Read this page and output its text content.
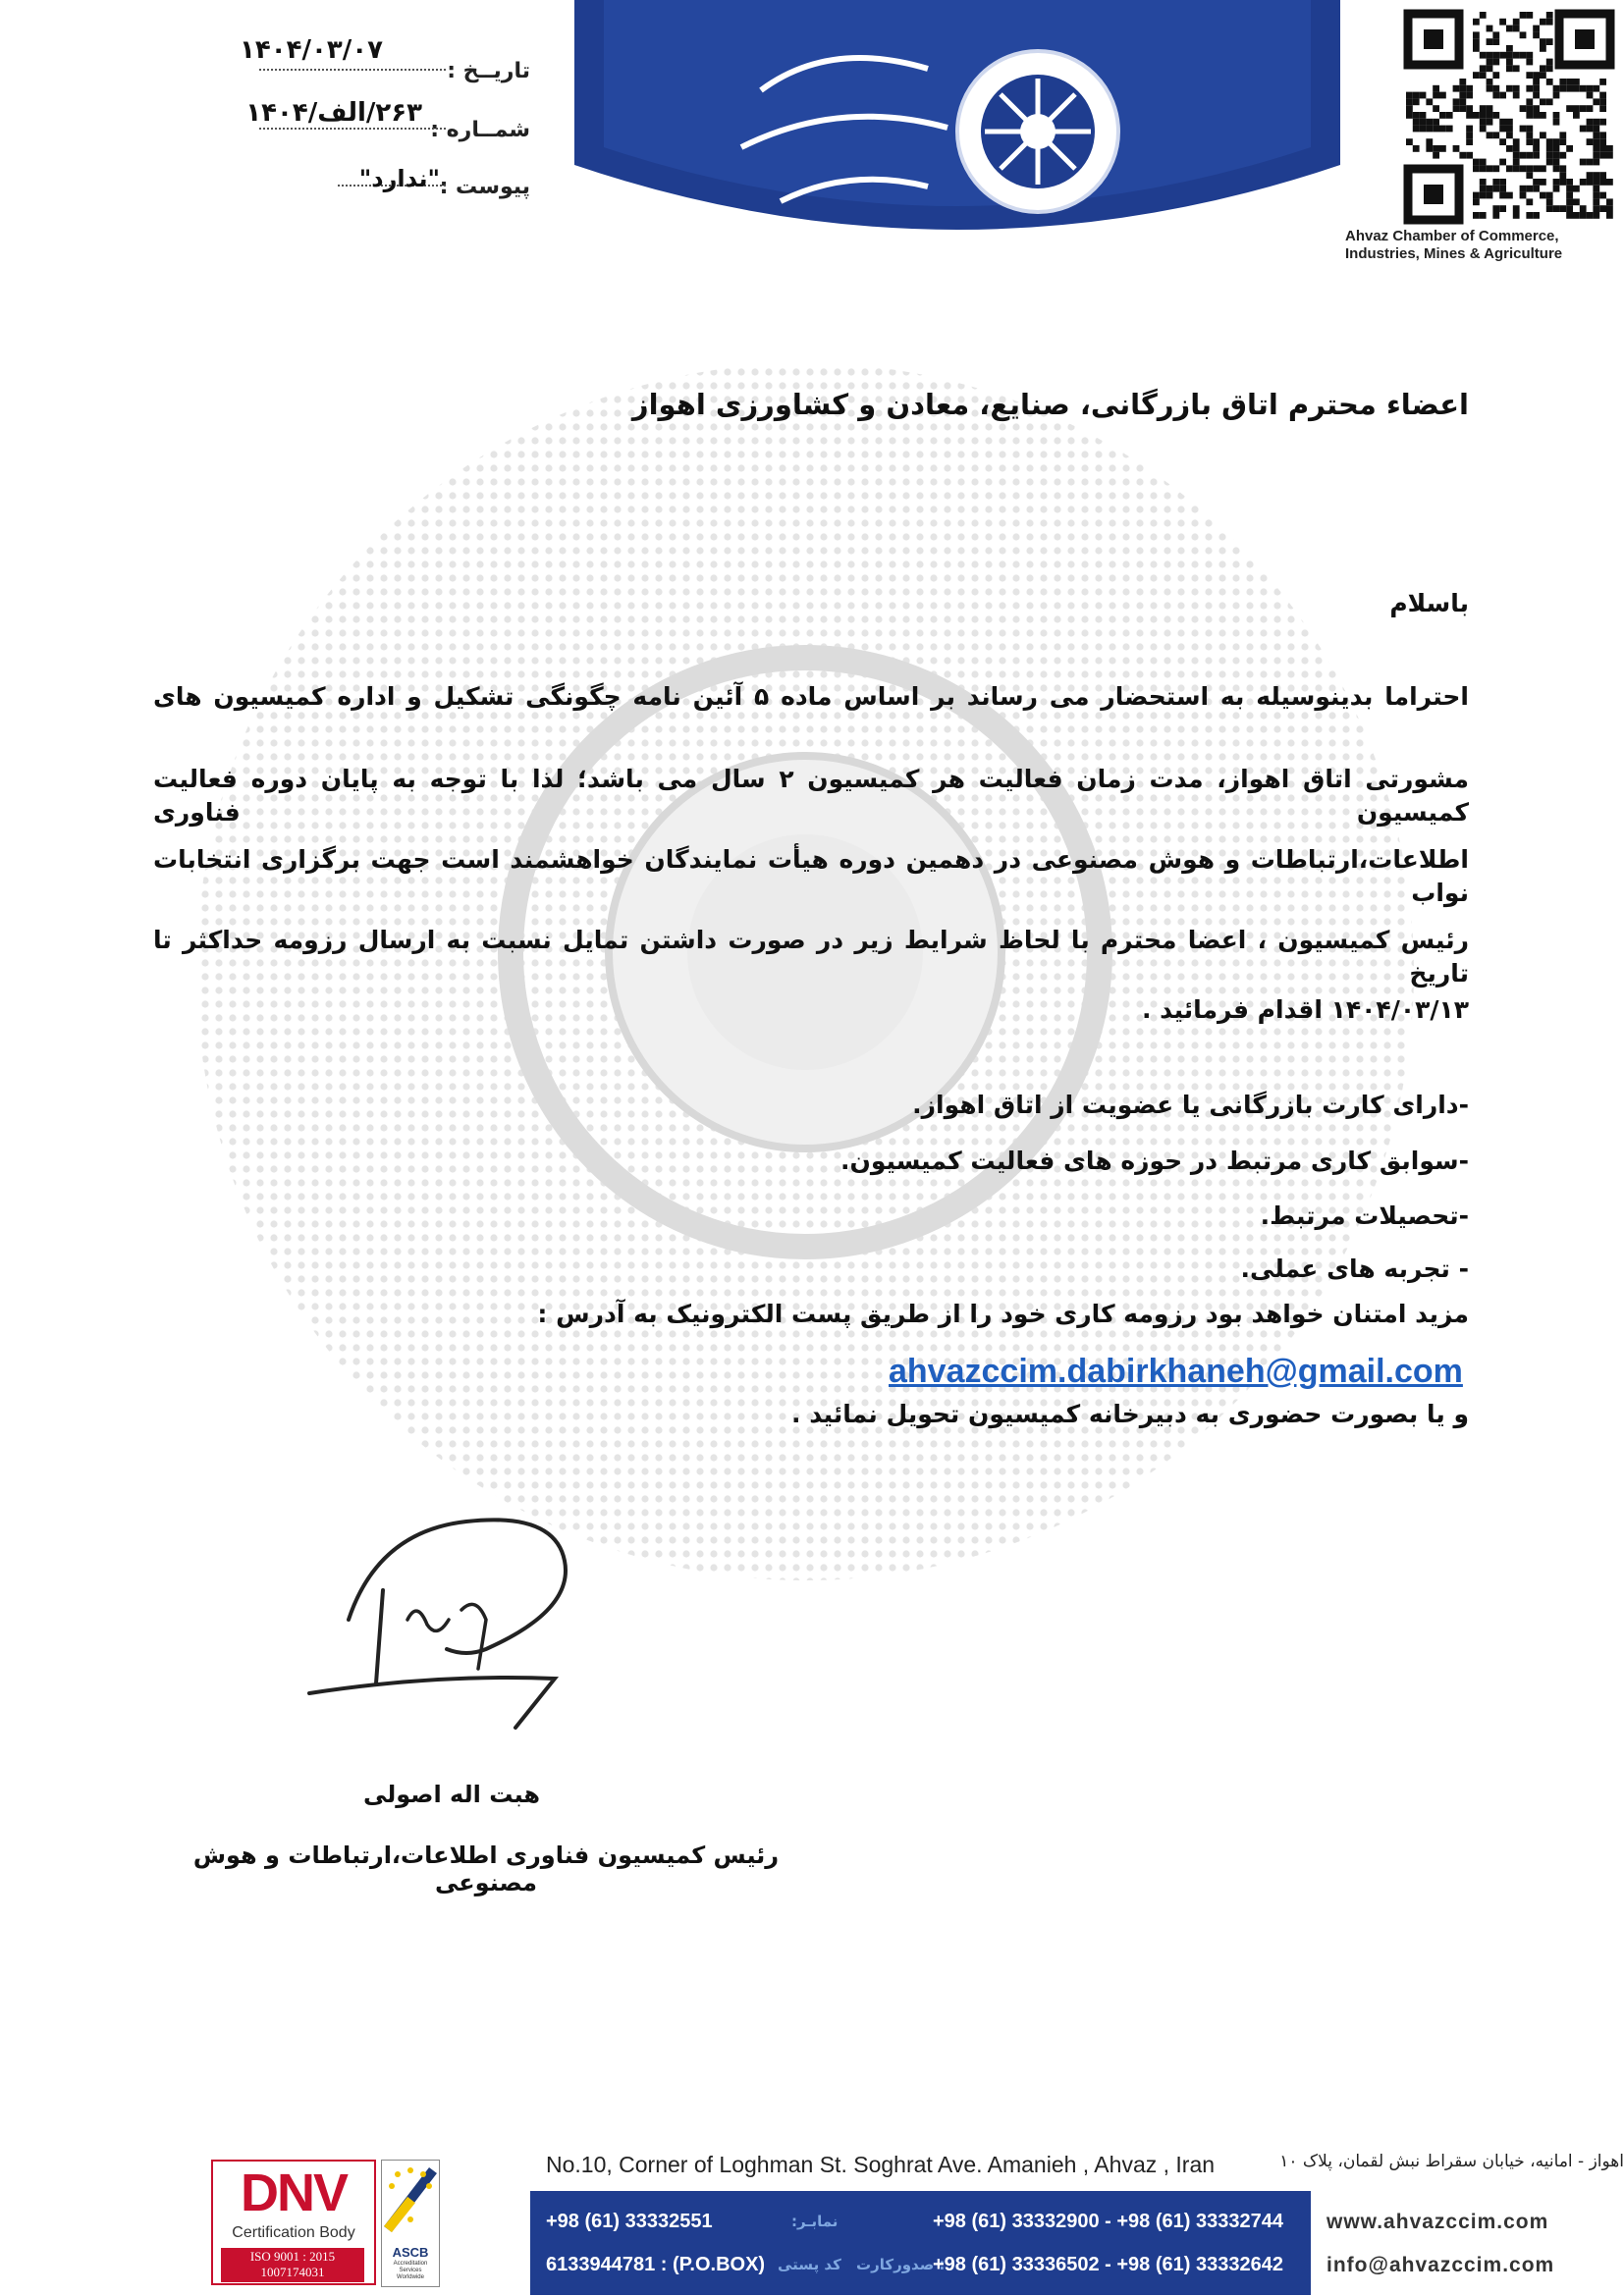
تاریــخ :
۱۴۰۴/۰۳/۰۷
شمــاره :
۲۶۳/الف/۱۴۰۴
پیوست :
"ندارد"
Ahvaz Chamber of Commerce, Industries, Mines & Agriculture
اعضاء محترم اتاق بازرگانی، صنایع، معادن و کشاورزی اهواز
باسلام
احتراما بدینوسیله به استحضار می رساند بر اساس ماده ۵ آئین نامه چگونگی تشکیل و اداره کمیسیون های
مشورتی اتاق اهواز، مدت زمان فعالیت هر کمیسیون ۲ سال می باشد؛ لذا با توجه به پایان دوره فعالیت کمیسیون فناوری
اطلاعات،ارتباطات و هوش مصنوعی در دهمین دوره هیأت نمایندگان خواهشمند است جهت برگزاری انتخابات نواب
رئیس کمیسیون ، اعضا محترم با لحاظ شرایط زیر در صورت داشتن تمایل نسبت به ارسال رزومه حداکثر تا تاریخ
۱۴۰۴/۰۳/۱۳ اقدام فرمائید .
-دارای کارت بازرگانی یا عضویت از اتاق اهواز.
-سوابق کاری مرتبط در حوزه های فعالیت کمیسیون.
-تحصیلات مرتبط.
- تجربه های عملی.
مزید امتنان خواهد بود رزومه کاری خود را از طریق پست الکترونیک به آدرس :
ahvazccim.dabirkhaneh@gmail.com
و یا بصورت حضوری به دبیرخانه کمیسیون تحویل نمائید .
هبت اله اصولی
رئیس کمیسیون فناوری اطلاعات،ارتباطات و هوش مصنوعی
DNV
Certification Body
ISO 9001 : 2015
1007174031
ASCB
Accreditation
Services
Worldwide
No.10, Corner of Loghman St. Soghrat Ave. Amanieh , Ahvaz , Iran	اهواز - امانیه، خیابان سقراط نبش لقمان، پلاک ۱۰
+98 (61) 33332551	نمابـر:
6133944781 : (P.O.BOX) کد پستی
+98 (61) 33332900 - +98 (61) 33332744
: صدورکارت
+98 (61) 33336502 - +98 (61) 33332642
www.ahvazccim.com
info@ahvazccim.com
